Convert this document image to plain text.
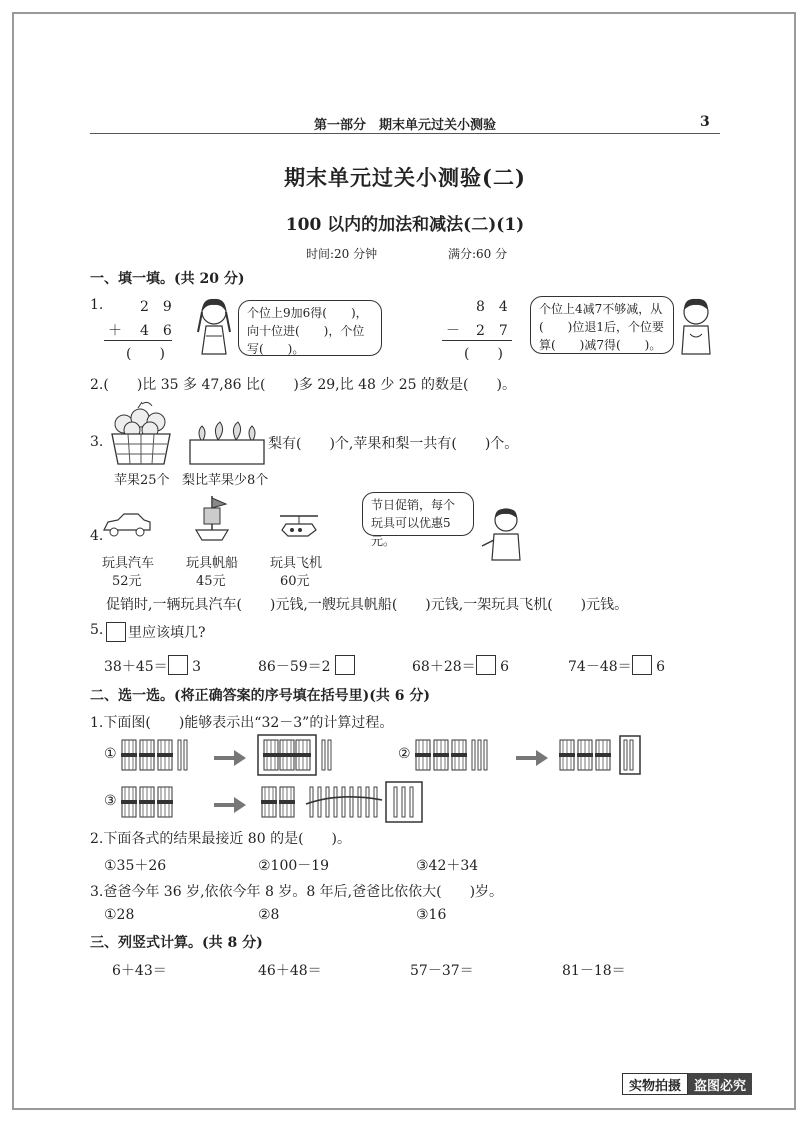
第一部分　期末单元过关小测验	3
期末单元过关小测验(二)
100 以内的加法和减法(二)(1)
时间:20 分钟	满分:60 分
一、填一填。(共 20 分)
1.	2　9
＋ 4　6
(　　)
个位上9加6得(　　)，向十位进(　　)，个位写(　　)。
8　4
－ 2　7
(　　)
个位上4减7不够减，从(　　)位退1后，个位要算(　　)减7得(　　)。
2.(　　)比 35 多 47,86 比(　　)多 29,比 48 少 25 的数是(　　)。
3.
苹果25个 梨比苹果少8个
梨有(　　)个,苹果和梨一共有(　　)个。
4.
玩具汽车
52元
玩具帆船
45元
玩具飞机
60元
节日促销，每个玩具可以优惠5元。
促销时,一辆玩具汽车(　　)元钱,一艘玩具帆船(　　)元钱,一架玩具飞机(　　)元钱。
5. 里应该填几?
38＋45＝ 3	86－59＝2	68＋28＝ 6	74－48＝ 6
二、选一选。(将正确答案的序号填在括号里)(共 6 分)
1.下面图(　　)能够表示出“32－3”的计算过程。
①	②
③
2.下面各式的结果最接近 80 的是(　　)。
①35＋26	②100－19	③42＋34
3.爸爸今年 36 岁,依依今年 8 岁。8 年后,爸爸比依依大(　　)岁。
①28	②8	③16
三、列竖式计算。(共 8 分)
6＋43＝	46＋48＝	57－37＝	81－18＝
实物拍摄	盗图必究
